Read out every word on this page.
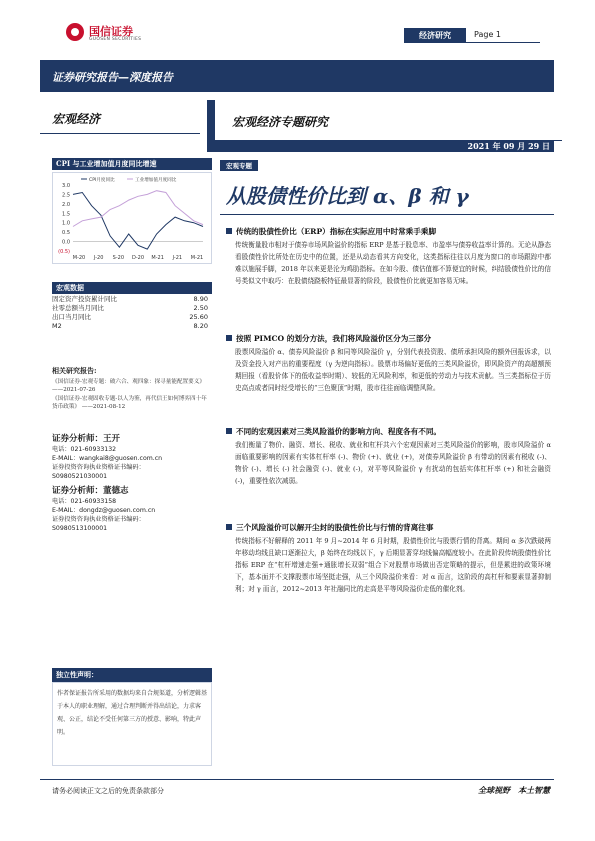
国信证券
GUOSEN SECURITIES	经济研究	Page 1
证券研究报告—深度报告
宏观经济	宏观经济专题研究
2021 年 09 月 29 日
CPI 与工业增加值月度同比增速
3.0
2.5
2.0
1.5
1.0
0.5
0.0
(0.5)
M-20 J-20 S-20 D-20 M-21 J-21 M-21
CPI月度同比	工业增加值月度同比
宏观数据
固定资产投资累计同比	8.90
社零总额当月同比	2.50
出口当月同比	25.60
M2	8.20
相关研究报告:
《国信证券-宏观专题：破六合、观四象：探寻量能配置要义》 ——2021-07-26
《国信证券-宏观固收专题-以人为鉴，再代信王如何博弈四十年货币政策》 ——2021-08-12
证券分析师：王开
电话：021-60933132
E-MAIL：wangkai8@guosen.com.cn
证券投资咨询执业资格证书编码：
S0980521030001
证券分析师：董德志
电话：021-60933158
E-MAIL：dongdz@guosen.com.cn
证券投资咨询执业资格证书编码：
S0980513100001
独立性声明：
作者保证报告所采用的数据均来自合规渠道，分析逻辑基于本人的职业理解，通过合理判断并得出结论，力求客观、公正，结论不受任何第三方的授意、影响，特此声明。
宏观专题
从股债性价比到 α、β 和 γ
传统的股债性价比（ERP）指标在实际应用中时常乘手乘脚
传统衡量股市相对于债券市场风险溢价的指标 ERP 是基于股息率、市盈率与债券收益率计算的。无论从静态看股债性价比所处在历史中的位置，还是从动态看其方向变化，这类指标往往以月度为窗口的市场跟踪中都难以施展手脚，2018 年以来更是沦为鸡肋指标。在如今股、债估值都不算便宜的时候，纠结股债性价比的信号类似文中取巧：在股债绕跷板特征最显著的阶段，股债性价比就更加容易无味。
按照 PIMCO 的划分方法，我们将风险溢价区分为三部分
股票风险溢价 α、债券风险溢价 β 和同等风险溢价 γ，分别代表投资股、债所承担风险的额外回报诉求，以及资金投入对产出的重要程度（γ 为逆向指标）。股票市场偏好更低的三类风险溢价，即风险资产的高超额预期回报（看股价体下的低收益率时期）、较低的无风险利率，和更低的劳动力与技术贡献。当三类指标位于历史高点或者同时经受增长的“三色聚顶”时期，股市往往面临调整风险。
不同的宏观因素对三类风险溢价的影响方向、程度各有不同。
我们衡量了物价、融资、增长、税收、就业和杠杆共六个宏观因素对三类风险溢价的影响，股市风险溢价 α 面临重要影响的因素有实体杠杆率 (-)、物价 (+)、就业 (+)，对债券风险溢价 β 有带动的因素有税收 (-)、物价 (-)、增长 (-) 社会融资 (-)、就业 (-)，对平等风险溢价 γ 有扰动的包括实体杠杆率 (+) 和社会融资 (-)，重要性依次减弱。
三个风险溢价可以解开尘封的股债性价比与行情的背离往事
传统指标不好解释的 2011 年 9 月~2014 年 6 月时期，股债性价比与股票行情的背离。期间 α 多次跌破两年移动均线且缺口逐渐拉大，β 始终在均线以下，γ 后期显著穿均线偏高幅度较小。在此阶段传统股债性价比指标 ERP 在“杠杆增速走强+通胀增长双弱”组合下对股票市场做出否定策略的提示，但是累进的政策环境下，基本面并不支撑股票市场坚挺走强，从三个风险溢价来看：对 α 而言，这阶段的高杠杆和要素显著抑制利；对 γ 而言，2012~2013 年社融同比的走高是平等风险溢价走低的催化剂。
请务必阅读正文之后的免责条款部分	全球视野　本土智慧
